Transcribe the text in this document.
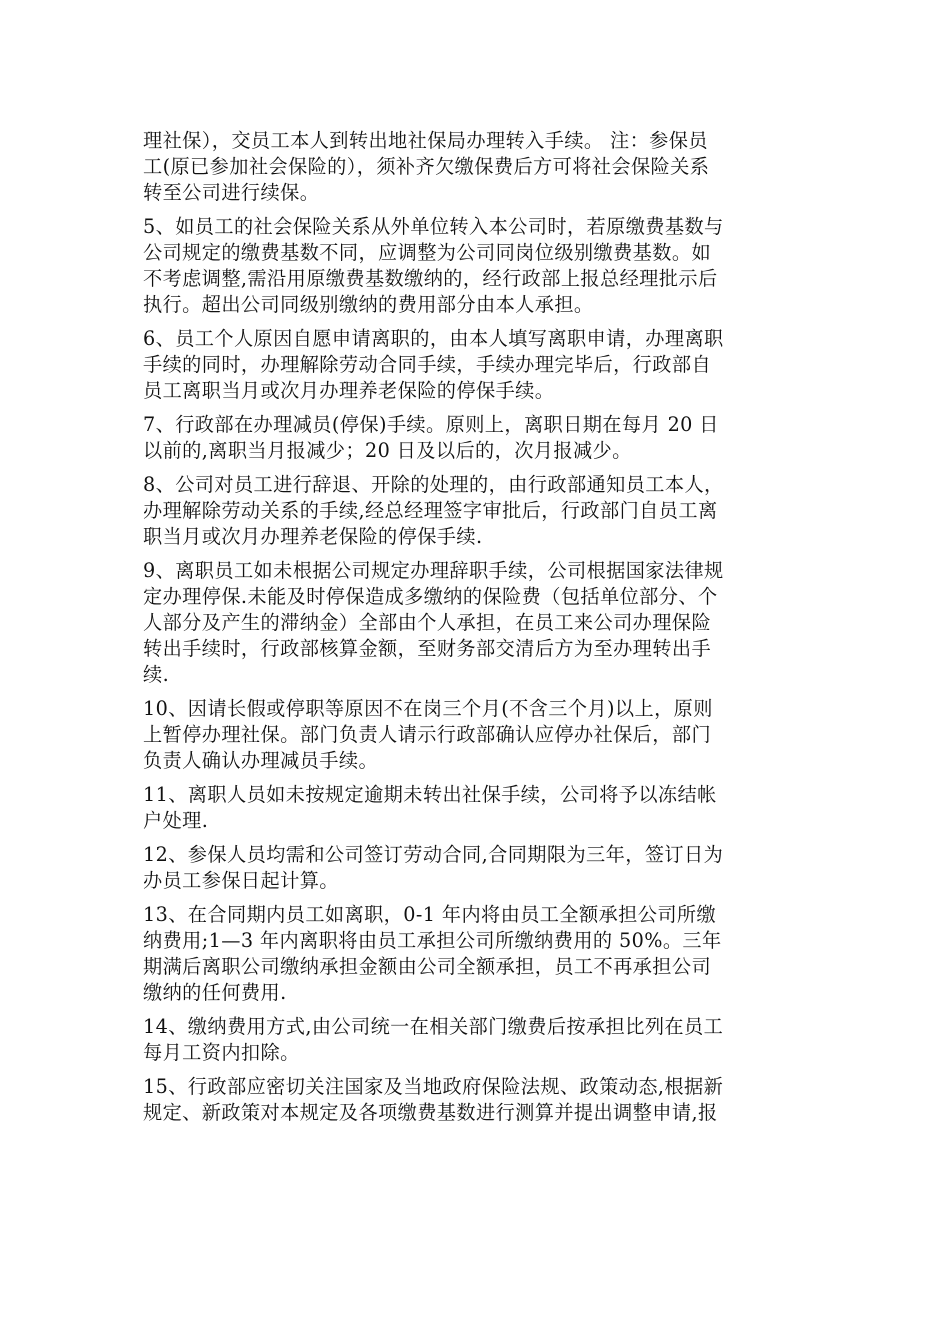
理社保），交员工本人到转出地社保局办理转入手续。 注：参保员
工(原已参加社会保险的），须补齐欠缴保费后方可将社会保险关系
转至公司进行续保。

5、如员工的社会保险关系从外单位转入本公司时，若原缴费基数与
公司规定的缴费基数不同，应调整为公司同岗位级别缴费基数。如
不考虑调整,需沿用原缴费基数缴纳的，经行政部上报总经理批示后
执行。超出公司同级别缴纳的费用部分由本人承担。

6、员工个人原因自愿申请离职的，由本人填写离职申请，办理离职
手续的同时，办理解除劳动合同手续，手续办理完毕后，行政部自
员工离职当月或次月办理养老保险的停保手续。

7、行政部在办理减员(停保)手续。原则上，离职日期在每月 20 日
以前的,离职当月报减少；20 日及以后的，次月报减少。

8、公司对员工进行辞退、开除的处理的，由行政部通知员工本人，
办理解除劳动关系的手续,经总经理签字审批后，行政部门自员工离
职当月或次月办理养老保险的停保手续.

9、离职员工如未根据公司规定办理辞职手续，公司根据国家法律规
定办理停保.未能及时停保造成多缴纳的保险费（包括单位部分、个
人部分及产生的滞纳金）全部由个人承担，在员工来公司办理保险
转出手续时，行政部核算金额，至财务部交清后方为至办理转出手
续.

10、因请长假或停职等原因不在岗三个月(不含三个月)以上，原则
上暂停办理社保。部门负责人请示行政部确认应停办社保后，部门
负责人确认办理减员手续。

11、离职人员如未按规定逾期未转出社保手续，公司将予以冻结帐
户处理.

12、参保人员均需和公司签订劳动合同,合同期限为三年，签订日为
办员工参保日起计算。

13、在合同期内员工如离职，0-1 年内将由员工全额承担公司所缴
纳费用;1—3 年内离职将由员工承担公司所缴纳费用的 50%。三年
期满后离职公司缴纳承担金额由公司全额承担，员工不再承担公司
缴纳的任何费用.

14、缴纳费用方式,由公司统一在相关部门缴费后按承担比列在员工
每月工资内扣除。

15、行政部应密切关注国家及当地政府保险法规、政策动态,根据新
规定、新政策对本规定及各项缴费基数进行测算并提出调整申请,报
